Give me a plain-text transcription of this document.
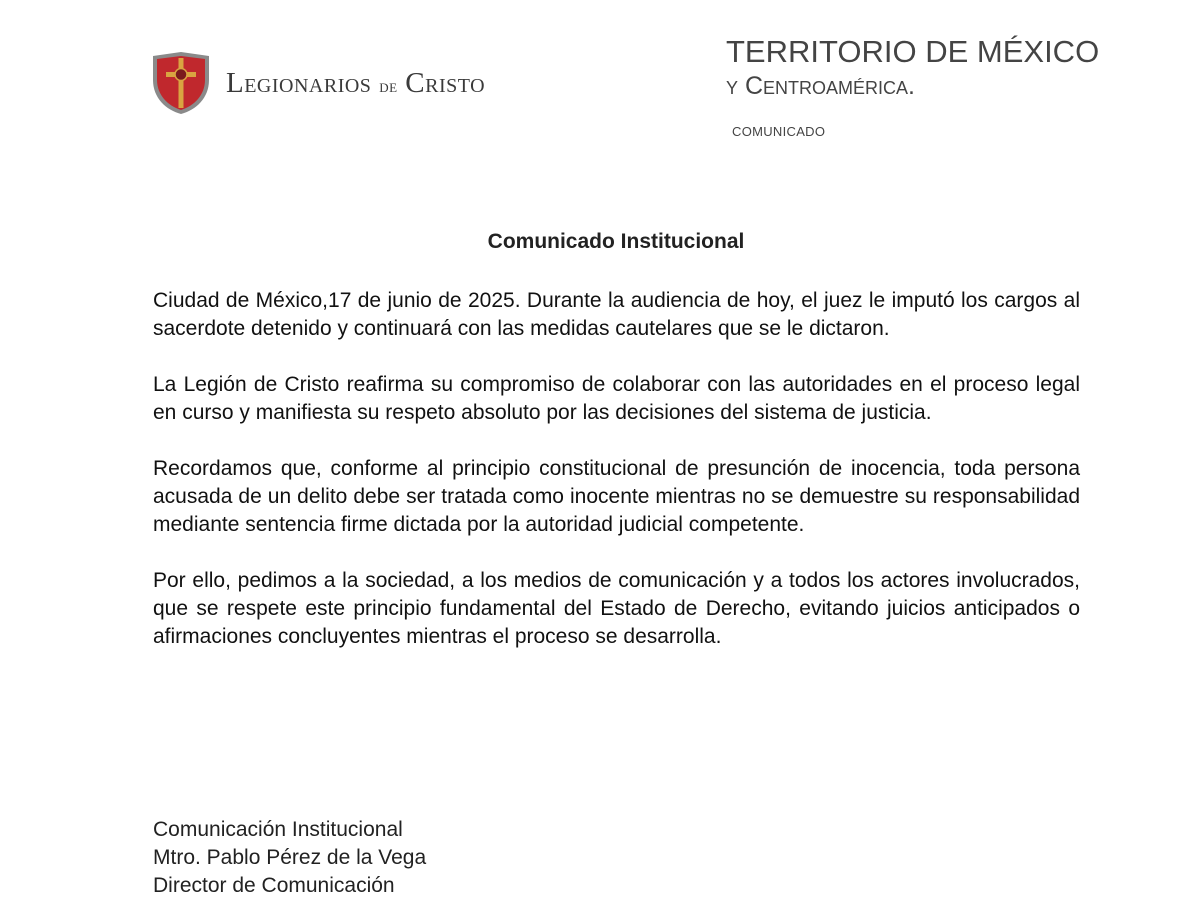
Legionarios de Cristo
TERRITORIO DE MÉXICO
y Centroamérica.
comunicado
Comunicado Institucional

Ciudad de México,17 de junio de 2025. Durante la audiencia de hoy, el juez le imputó los cargos al sacerdote detenido y continuará con las medidas cautelares que se le dictaron.

La Legión de Cristo reafirma su compromiso de colaborar con las autoridades en el proceso legal en curso y manifiesta su respeto absoluto por las decisiones del sistema de justicia.

Recordamos que, conforme al principio constitucional de presunción de inocencia, toda persona acusada de un delito debe ser tratada como inocente mientras no se demuestre su responsabilidad mediante sentencia firme dictada por la autoridad judicial competente.

Por ello, pedimos a la sociedad, a los medios de comunicación y a todos los actores involucrados, que se respete este principio fundamental del Estado de Derecho, evitando juicios anticipados o afirmaciones concluyentes mientras el proceso se desarrolla.

Comunicación Institucional
Mtro. Pablo Pérez de la Vega
Director de Comunicación
